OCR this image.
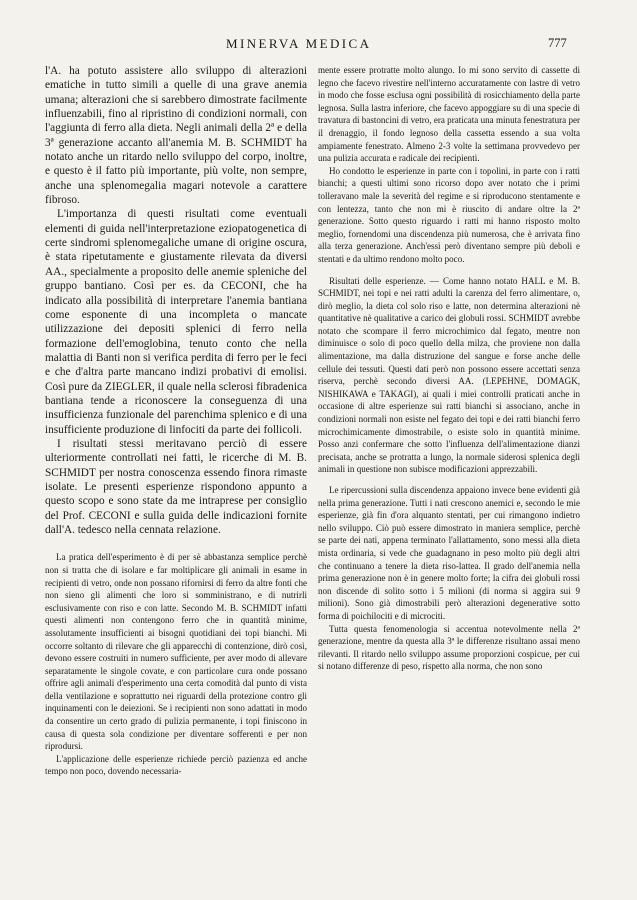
MINERVA MEDICA	777

l'A. ha potuto assistere allo sviluppo di alterazioni ematiche in tutto simili a quelle di una grave anemia umana; alterazioni che si sarebbero dimostrate facilmente influenzabili, fino al ripristino di condizioni normali, con l'aggiunta di ferro alla dieta. Negli animali della 2ª e della 3ª generazione accanto all'anemia M. B. SCHMIDT ha notato anche un ritardo nello sviluppo del corpo, inoltre, e questo è il fatto più importante, più volte, non sempre, anche una splenomegalia magari notevole a carattere fibroso.

L'importanza di questi risultati come eventuali elementi di guida nell'interpretazione eziopatogenetica di certe sindromi splenomegaliche umane di origine oscura, è stata ripetutamente e giustamente rilevata da diversi AA., specialmente a proposito delle anemie spleniche del gruppo bantiano. Così per es. da CECONI, che ha indicato alla possibilità di interpretare l'anemia bantiana come esponente di una incompleta o mancate utilizzazione dei depositi splenici di ferro nella formazione dell'emoglobina, tenuto conto che nella malattia di Banti non si verifica perdita di ferro per le feci e che d'altra parte mancano indizi probativi di emolisi. Così pure da ZIEGLER, il quale nella sclerosi fibradenica bantiana tende a riconoscere la conseguenza di una insufficienza funzionale del parenchima splenico e di una insufficiente produzione di linfociti da parte dei follicoli.

I risultati stessi meritavano perciò di essere ulteriormente controllati nei fatti, le ricerche di M. B. SCHMIDT per nostra conoscenza essendo finora rimaste isolate. Le presenti esperienze rispondono appunto a questo scopo e sono state da me intraprese per consiglio del Prof. CECONI e sulla guida delle indicazioni fornite dall'A. tedesco nella cennata relazione.

La pratica dell'esperimento è di per sè abbastanza semplice perchè non si tratta che di isolare e far moltiplicare gli animali in esame in recipienti di vetro, onde non possano rifornirsi di ferro da altre fonti che non sieno gli alimenti che loro si somministrano, e di nutrirli esclusivamente con riso e con latte. Secondo M. B. SCHMIDT infatti questi alimenti non contengono ferro che in quantità minime, assolutamente insufficienti ai bisogni quotidiani dei topi bianchi. Mi occorre soltanto di rilevare che gli apparecchi di contenzione, dirò così, devono essere costruiti in numero sufficiente, per aver modo di allevare separatamente le singole covate, e con particolare cura onde possano offrire agli animali d'esperimento una certa comodità dal punto di vista della ventilazione e soprattutto nei riguardi della protezione contro gli inquinamenti con le deiezioni. Se i recipienti non sono adattati in modo da consentire un certo grado di pulizia permanente, i topi finiscono in causa di questa sola condizione per diventare sofferenti e per non riprodursi.

L'applicazione delle esperienze richiede perciò pazienza ed anche tempo non poco, dovendo necessaria-

mente essere protratte molto alungo. Io mi sono servito di cassette di legno che facevo rivestire nell'interno accuratamente con lastre di vetro in modo che fosse esclusa ogni possibilità di rosicchiamento della parte legnosa. Sulla lastra inferiore, che facevo appoggiare su di una specie di travatura di bastoncini di vetro, era praticata una minuta fenestratura per il drenaggio, il fondo legnoso della cassetta essendo a sua volta ampiamente fenestrato. Almeno 2-3 volte la settimana provvedevo per una pulizia accurata e radicale dei recipienti.

Ho condotto le esperienze in parte con i topolini, in parte con i ratti bianchi; a questi ultimi sono ricorso dopo aver notato che i primi tolleravano male la severità del regime e si riproducono stentamente e con lentezza, tanto che non mi è riuscito di andare oltre la 2ª generazione. Sotto questo riguardo i ratti mi hanno risposto molto meglio, fornendomi una discendenza più numerosa, che è arrivata fino alla terza generazione. Anch'essi però diventano sempre più deboli e stentati e da ultimo rendono molto poco.

Risultati delle esperienze. — Come hanno notato HALL e M. B. SCHMIDT, nei topi e nei ratti adulti la carenza del ferro alimentare, o, dirò meglio, la dieta col solo riso e latte, non determina alterazioni nè quantitative nè qualitative a carico dei globuli rossi. SCHMIDT avrebbe notato che scompare il ferro microchimico dal fegato, mentre non diminuisce o solo di poco quello della milza, che proviene non dalla alimentazione, ma dalla distruzione del sangue e forse anche delle cellule dei tessuti. Questi dati però non possono essere accettati senza riserva, perchè secondo diversi AA. (LEPEHNE, DOMAGK, NISHIKAWA e TAKAGI), ai quali i miei controlli praticati anche in occasione di altre esperienze sui ratti bianchi si associano, anche in condizioni normali non esiste nel fegato dei topi e dei ratti bianchi ferro microchimicamente dimostrabile, o esiste solo in quantità minime. Posso anzi confermare che sotto l'influenza dell'alimentazione dianzi precisata, anche se protratta a lungo, la normale siderosi splenica degli animali in questione non subisce modificazioni apprezzabili.

Le ripercussioni sulla discendenza appaiono invece bene evidenti già nella prima generazione. Tutti i nati crescono anemici e, secondo le mie esperienze, già fin d'ora alquanto stentati, per cui rimangono indietro nello sviluppo. Ciò può essere dimostrato in maniera semplice, perchè se parte dei nati, appena terminato l'allattamento, sono messi alla dieta mista ordinaria, si vede che guadagnano in peso molto più degli altri che continuano a tenere la dieta riso-lattea. Il grado dell'anemia nella prima generazione non è in genere molto forte; la cifra dei globuli rossi non discende di solito sotto i 5 milioni (di norma si aggira sui 9 milioni). Sono già dimostrabili però alterazioni degenerative sotto forma di poichilociti e di microciti.

Tutta questa fenomenologia si accentua notevolmente nella 2ª generazione, mentre da questa alla 3ª le differenze risultano assai meno rilevanti. Il ritardo nello sviluppo assume proporzioni cospicue, per cui si notano differenze di peso, rispetto alla norma, che non sono
